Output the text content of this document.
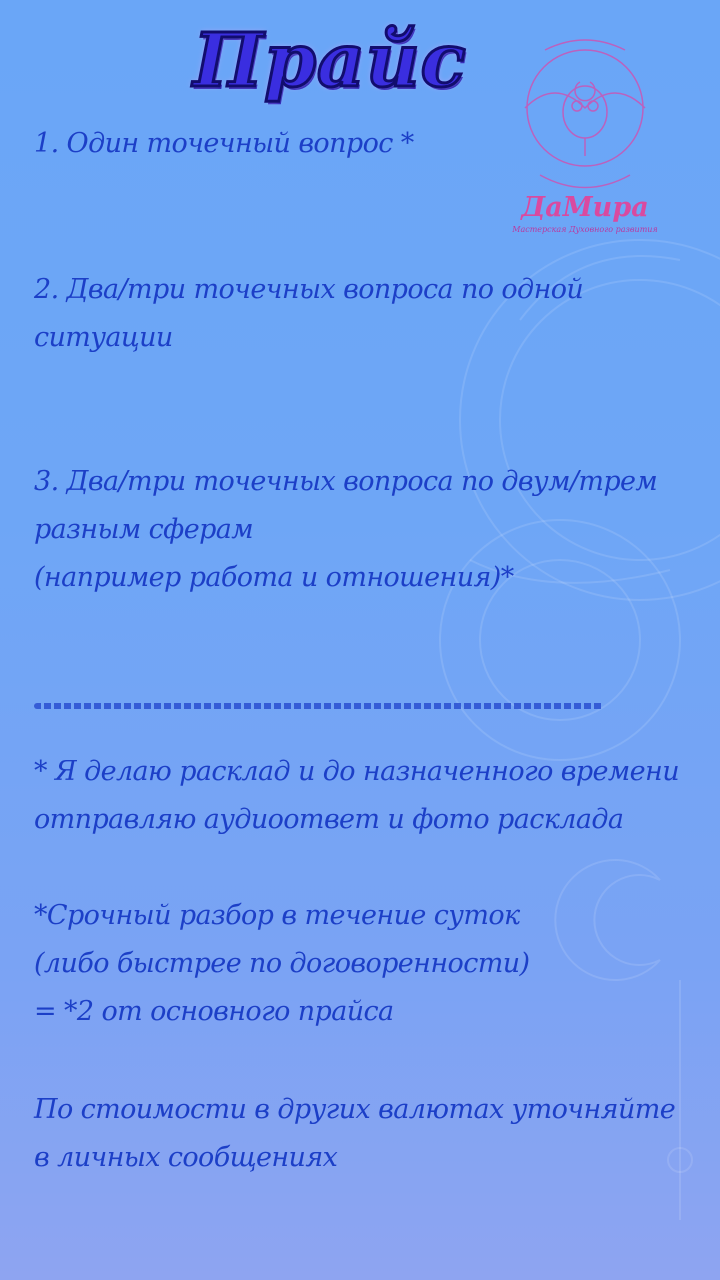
Прайс
ДаМира
Мастерская Духовного развития

1. Один точечный вопрос *

2. Два/три точечных вопроса по одной
ситуации

3. Два/три точечных вопроса по двум/трем
разным сферам
(например работа и отношения)*

* Я делаю расклад и до назначенного времени
отправляю аудиоответ и фото расклада

*Срочный разбор в течение суток
(либо быстрее по договоренности)
= *2 от основного прайса

По стоимости в других валютах уточняйте
в личных сообщениях
